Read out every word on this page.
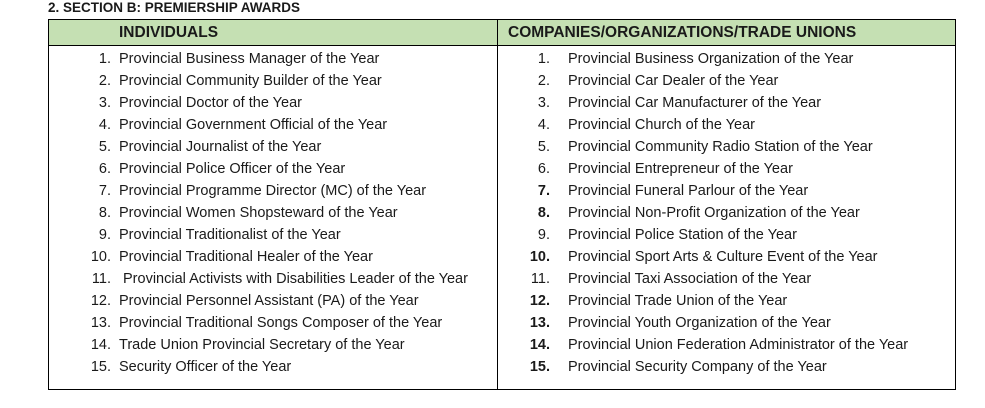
2. SECTION B: PREMIERSHIP AWARDS
INDIVIDUALS
1. Provincial Business Manager of the Year
2. Provincial Community Builder of the Year
3. Provincial Doctor of the Year
4. Provincial Government Official of the Year
5. Provincial Journalist of the Year
6. Provincial Police Officer of the Year
7. Provincial Programme Director (MC) of the Year
8. Provincial Women Shopsteward of the Year
9. Provincial Traditionalist of the Year
10. Provincial Traditional Healer of the Year
11. Provincial Activists with Disabilities Leader of the Year
12. Provincial Personnel Assistant (PA) of the Year
13. Provincial Traditional Songs Composer of the Year
14. Trade Union Provincial Secretary of the Year
15. Security Officer of the Year
COMPANIES/ORGANIZATIONS/TRADE UNIONS
1. Provincial Business Organization of the Year
2. Provincial Car Dealer of the Year
3. Provincial Car Manufacturer of the Year
4. Provincial Church of the Year
5. Provincial Community Radio Station of the Year
6. Provincial Entrepreneur of the Year
7. Provincial Funeral Parlour of the Year
8. Provincial Non-Profit Organization of the Year
9. Provincial Police Station of the Year
10. Provincial Sport Arts & Culture Event of the Year
11. Provincial Taxi Association of the Year
12. Provincial Trade Union of the Year
13. Provincial Youth Organization of the Year
14. Provincial Union Federation Administrator of the Year
15. Provincial Security Company of the Year
